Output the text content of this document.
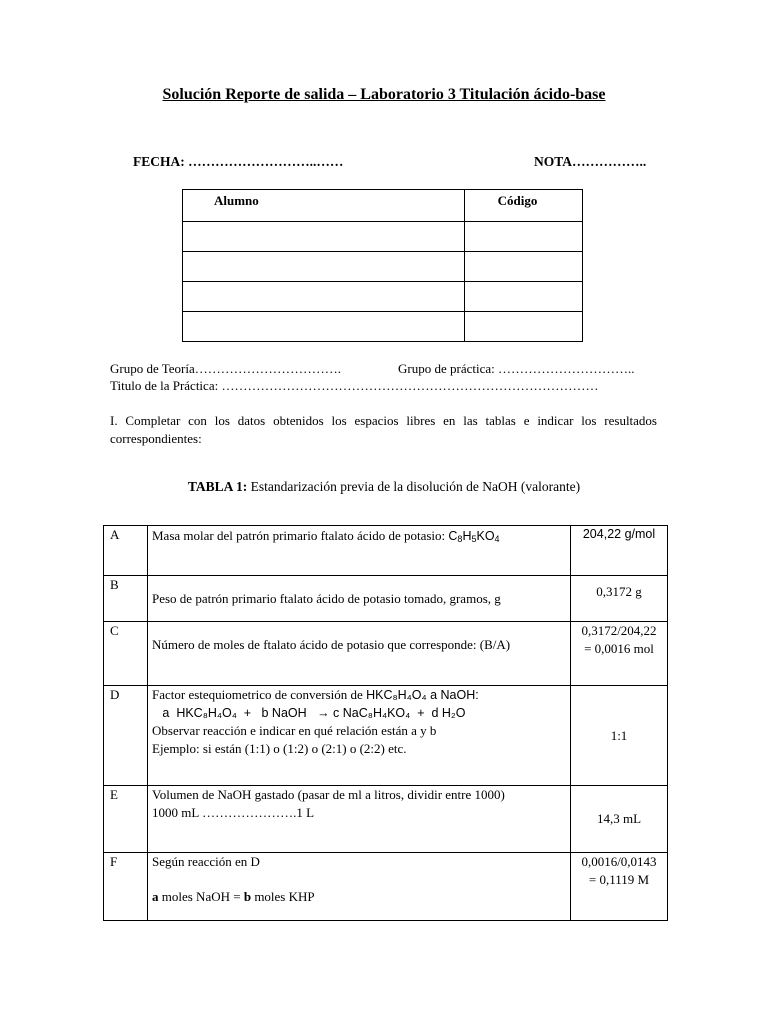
Solución Reporte de salida – Laboratorio 3 Titulación ácido-base
FECHA: ………………………..……	NOTA……………..
Alumno	Código

Grupo de Teoría…………………………….	Grupo de práctica: …………………………..
Titulo de la Práctica: ……………………………………………………………………………
I. Completar con los datos obtenidos los espacios libres en las tablas e indicar los resultados correspondientes:
TABLA 1: Estandarización previa de la disolución de NaOH (valorante)
A	Masa molar del patrón primario ftalato ácido de potasio: $C_8H_5KO_4$	204,22 g/mol
B	Peso de patrón primario ftalato ácido de potasio tomado, gramos, g	0,3172 g
C	Número de moles de ftalato ácido de potasio que corresponde: (B/A)	0,3172/204,22
= 0,0016 mol

D	Factor estequiometrico de conversión de HKC₈H₄O₄ a NaOH:
a  HKC₈H₄O₄  +   b NaOH   → c NaC₈H₄KO₄  +  d H₂O
Observar reacción e indicar en qué relación están a y b
Ejemplo: si están (1:1) o (1:2) o (2:1) o (2:2) etc.	1:1
E	Volumen de NaOH gastado (pasar de ml a litros, dividir entre 1000)
1000 mL ………………….1 L	14,3 mL
F	Según reacción en D
a moles NaOH = b moles KHP	0,0016/0,0143
= 0,1119 M
